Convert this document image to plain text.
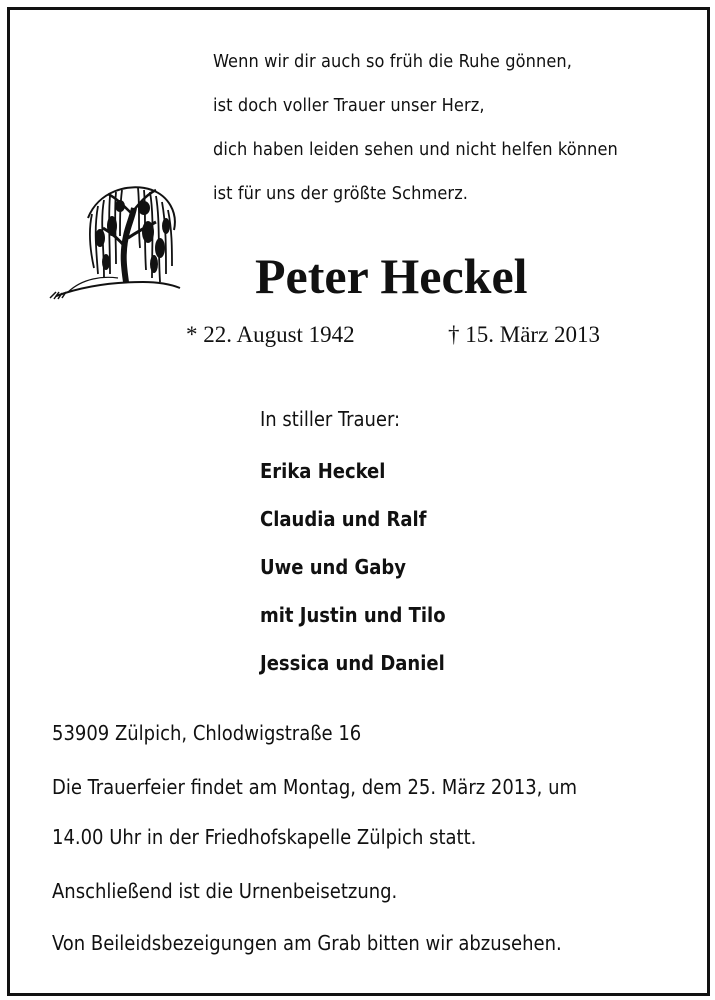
Wenn wir dir auch so früh die Ruhe gönnen,

ist doch voller Trauer unser Herz,

dich haben leiden sehen und nicht helfen können

ist für uns der größte Schmerz.

Peter Heckel

* 22. August 1942	† 15. März 2013

In stiller Trauer:

Erika Heckel

Claudia und Ralf

Uwe und Gaby

mit Justin und Tilo

Jessica und Daniel

53909 Zülpich, Chlodwigstraße 16

Die Trauerfeier findet am Montag, dem 25. März 2013, um

14.00 Uhr in der Friedhofskapelle Zülpich statt.

Anschließend ist die Urnenbeisetzung.

Von Beileidsbezeigungen am Grab bitten wir abzusehen.
